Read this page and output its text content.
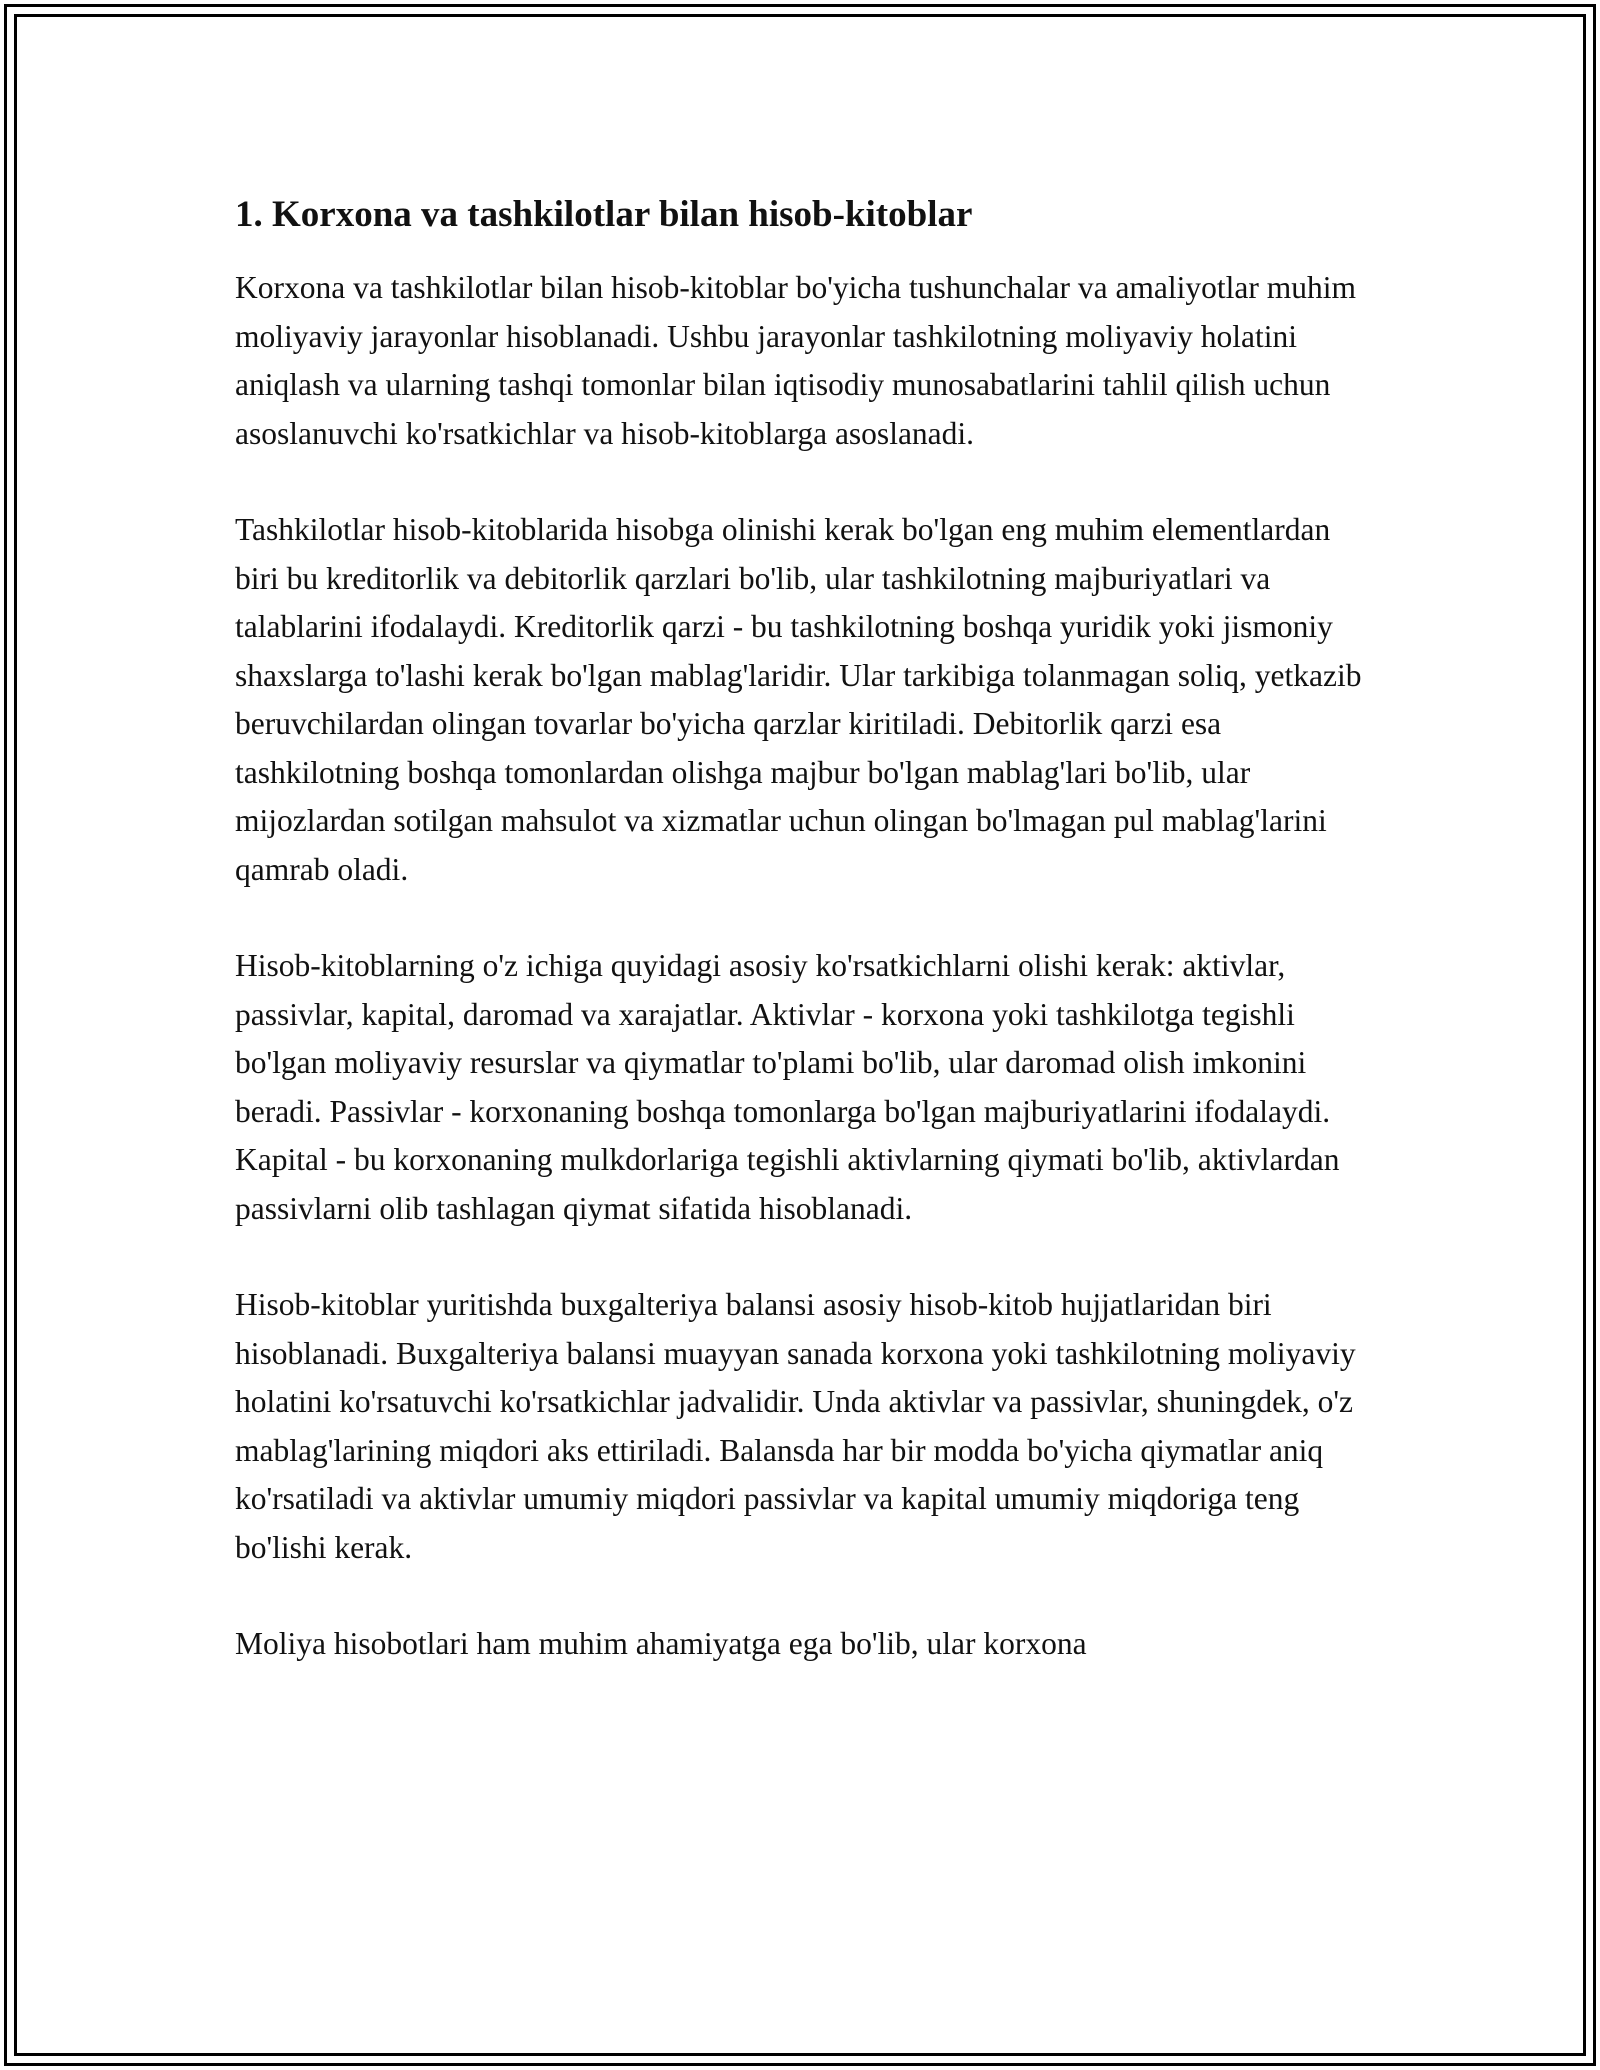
1. Korxona va tashkilotlar bilan hisob-kitoblar

Korxona va tashkilotlar bilan hisob-kitoblar bo'yicha tushunchalar va amaliyotlar muhim moliyaviy jarayonlar hisoblanadi. Ushbu jarayonlar tashkilotning moliyaviy holatini aniqlash va ularning tashqi tomonlar bilan iqtisodiy munosabatlarini tahlil qilish uchun asoslanuvchi ko'rsatkichlar va hisob-kitoblarga asoslanadi.

Tashkilotlar hisob-kitoblarida hisobga olinishi kerak bo'lgan eng muhim elementlardan biri bu kreditorlik va debitorlik qarzlari bo'lib, ular tashkilotning majburiyatlari va talablarini ifodalaydi. Kreditorlik qarzi - bu tashkilotning boshqa yuridik yoki jismoniy shaxslarga to'lashi kerak bo'lgan mablag'laridir. Ular tarkibiga tolanmagan soliq, yetkazib beruvchilardan olingan tovarlar bo'yicha qarzlar kiritiladi. Debitorlik qarzi esa tashkilotning boshqa tomonlardan olishga majbur bo'lgan mablag'lari bo'lib, ular mijozlardan sotilgan mahsulot va xizmatlar uchun olingan bo'lmagan pul mablag'larini qamrab oladi.

Hisob-kitoblarning o'z ichiga quyidagi asosiy ko'rsatkichlarni olishi kerak: aktivlar, passivlar, kapital, daromad va xarajatlar. Aktivlar - korxona yoki tashkilotga tegishli bo'lgan moliyaviy resurslar va qiymatlar to'plami bo'lib, ular daromad olish imkonini beradi. Passivlar - korxonaning boshqa tomonlarga bo'lgan majburiyatlarini ifodalaydi. Kapital - bu korxonaning mulkdorlariga tegishli aktivlarning qiymati bo'lib, aktivlardan passivlarni olib tashlagan qiymat sifatida hisoblanadi.

Hisob-kitoblar yuritishda buxgalteriya balansi asosiy hisob-kitob hujjatlaridan biri hisoblanadi. Buxgalteriya balansi muayyan sanada korxona yoki tashkilotning moliyaviy holatini ko'rsatuvchi ko'rsatkichlar jadvalidir. Unda aktivlar va passivlar, shuningdek, o'z mablag'larining miqdori aks ettiriladi. Balansda har bir modda bo'yicha qiymatlar aniq ko'rsatiladi va aktivlar umumiy miqdori passivlar va kapital umumiy miqdoriga teng bo'lishi kerak.

Moliya hisobotlari ham muhim ahamiyatga ega bo'lib, ular korxona
